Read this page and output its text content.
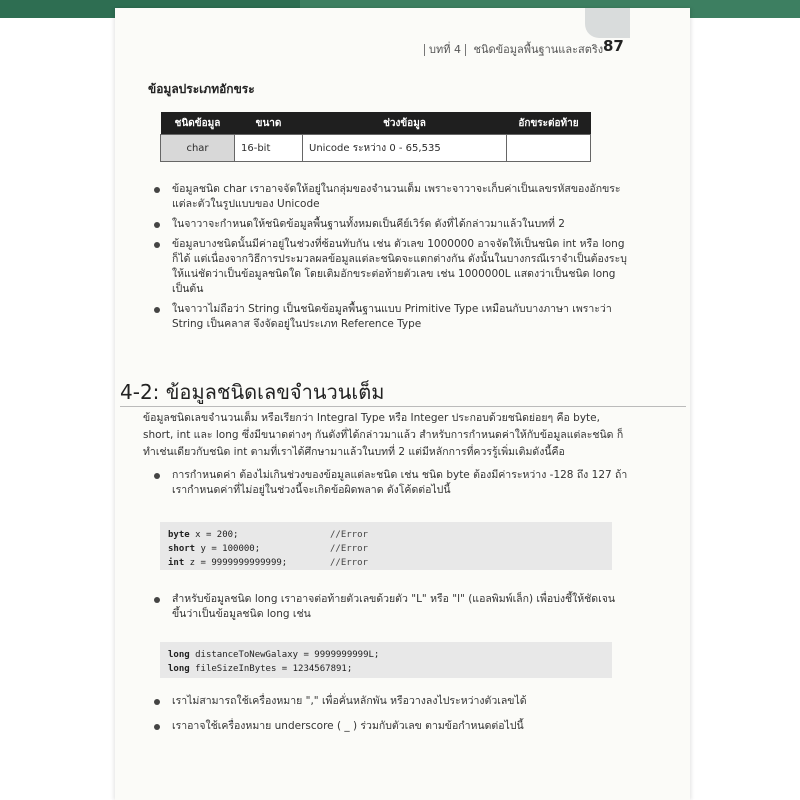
บทที่ 4 ชนิดข้อมูลพื้นฐานและสตริง 87
ข้อมูลประเภทอักขระ
ชนิดข้อมูล	ขนาด	ช่วงข้อมูล	อักขระต่อท้าย
char	16-bit	Unicode ระหว่าง 0 - 65,535	
ข้อมูลชนิด char เราอาจจัดให้อยู่ในกลุ่มของจำนวนเต็ม เพราะจาวาจะเก็บค่าเป็นเลขรหัสของอักขระแต่ละตัวในรูปแบบของ Unicode
ในจาวาจะกำหนดให้ชนิดข้อมูลพื้นฐานทั้งหมดเป็นคีย์เวิร์ด ดังที่ได้กล่าวมาแล้วในบทที่ 2
ข้อมูลบางชนิดนั้นมีค่าอยู่ในช่วงที่ซ้อนทับกัน เช่น ตัวเลข 1000000 อาจจัดให้เป็นชนิด int หรือ long ก็ได้ แต่เนื่องจากวิธีการประมวลผลข้อมูลแต่ละชนิดจะแตกต่างกัน ดังนั้นในบางกรณีเราจำเป็นต้องระบุให้แน่ชัดว่าเป็นข้อมูลชนิดใด โดยเติมอักขระต่อท้ายตัวเลข เช่น 1000000L แสดงว่าเป็นชนิด long เป็นต้น
ในจาวาไม่ถือว่า String เป็นชนิดข้อมูลพื้นฐานแบบ Primitive Type เหมือนกับบางภาษา เพราะว่า String เป็นคลาส จึงจัดอยู่ในประเภท Reference Type
4-2: ข้อมูลชนิดเลขจำนวนเต็ม
ข้อมูลชนิดเลขจำนวนเต็ม หรือเรียกว่า Integral Type หรือ Integer ประกอบด้วยชนิดย่อยๆ คือ byte, short, int และ long ซึ่งมีขนาดต่างๆ กันดังที่ได้กล่าวมาแล้ว สำหรับการกำหนดค่าให้กับข้อมูลแต่ละชนิด ก็ทำเช่นเดียวกับชนิด int ตามที่เราได้ศึกษามาแล้วในบทที่ 2 แต่มีหลักการที่ควรรู้เพิ่มเติมดังนี้คือ
การกำหนดค่า ต้องไม่เกินช่วงของข้อมูลแต่ละชนิด เช่น ชนิด byte ต้องมีค่าระหว่าง -128 ถึง 127 ถ้าเรากำหนดค่าที่ไม่อยู่ในช่วงนี้จะเกิดข้อผิดพลาด ดังโค้ดต่อไปนี้
byte x = 200;	//Error
short y = 100000;	//Error
int z = 9999999999999;	//Error
สำหรับข้อมูลชนิด long เราอาจต่อท้ายตัวเลขด้วยตัว "L" หรือ "l" (แอลพิมพ์เล็ก) เพื่อบ่งชี้ให้ชัดเจนขึ้นว่าเป็นข้อมูลชนิด long เช่น
long distanceToNewGalaxy = 9999999999L;
long fileSizeInBytes = 1234567891;
เราไม่สามารถใช้เครื่องหมาย "," เพื่อคั่นหลักพัน หรือวางลงไประหว่างตัวเลขได้
เราอาจใช้เครื่องหมาย underscore ( _ ) ร่วมกับตัวเลข ตามข้อกำหนดต่อไปนี้
